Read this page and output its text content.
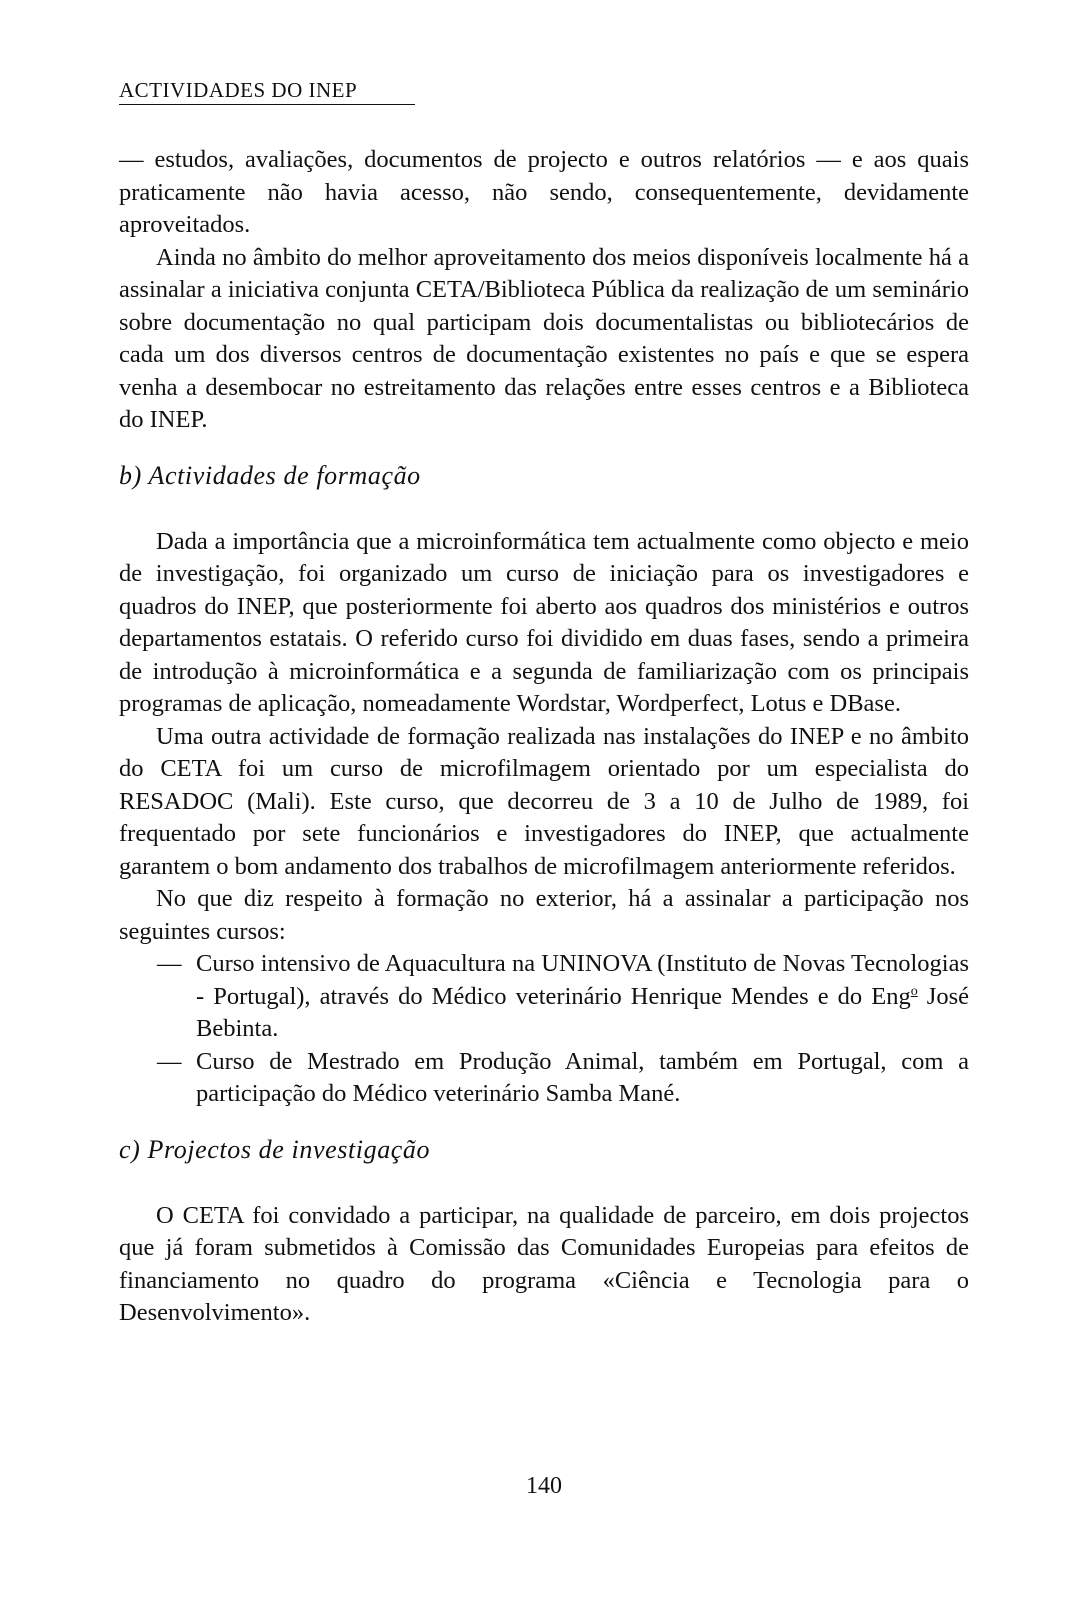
ACTIVIDADES DO INEP

— estudos, avaliações, documentos de projecto e outros relatórios — e aos quais praticamente não havia acesso, não sendo, consequentemente, devidamente aproveitados.

Ainda no âmbito do melhor aproveitamento dos meios disponíveis localmente há a assinalar a iniciativa conjunta CETA/Biblioteca Pública da realização de um seminário sobre documentação no qual participam dois documentalistas ou bibliotecários de cada um dos diversos centros de documentação existentes no país e que se espera venha a desembocar no estreitamento das relações entre esses centros e a Biblioteca do INEP.

b) Actividades de formação

Dada a importância que a microinformática tem actualmente como objecto e meio de investigação, foi organizado um curso de iniciação para os investigadores e quadros do INEP, que posteriormente foi aberto aos quadros dos ministérios e outros departamentos estatais. O referido curso foi dividido em duas fases, sendo a primeira de introdução à microinformática e a segunda de familiarização com os principais programas de aplicação, nomeadamente Wordstar, Wordperfect, Lotus e DBase.

Uma outra actividade de formação realizada nas instalações do INEP e no âmbito do CETA foi um curso de microfilmagem orientado por um especialista do RESADOC (Mali). Este curso, que decorreu de 3 a 10 de Julho de 1989, foi frequentado por sete funcionários e investigadores do INEP, que actualmente garantem o bom andamento dos trabalhos de microfilmagem anteriormente referidos.

No que diz respeito à formação no exterior, há a assinalar a participação nos seguintes cursos:

— Curso intensivo de Aquacultura na UNINOVA (Instituto de Novas Tecnologias - Portugal), através do Médico veterinário Henrique Mendes e do Eng$^o$ José Bebinta.
— Curso de Mestrado em Produção Animal, também em Portugal, com a participação do Médico veterinário Samba Mané.
c) Projectos de investigação

O CETA foi convidado a participar, na qualidade de parceiro, em dois projectos que já foram submetidos à Comissão das Comunidades Europeias para efeitos de financiamento no quadro do programa «Ciência e Tecnologia para o Desenvolvimento».

140
